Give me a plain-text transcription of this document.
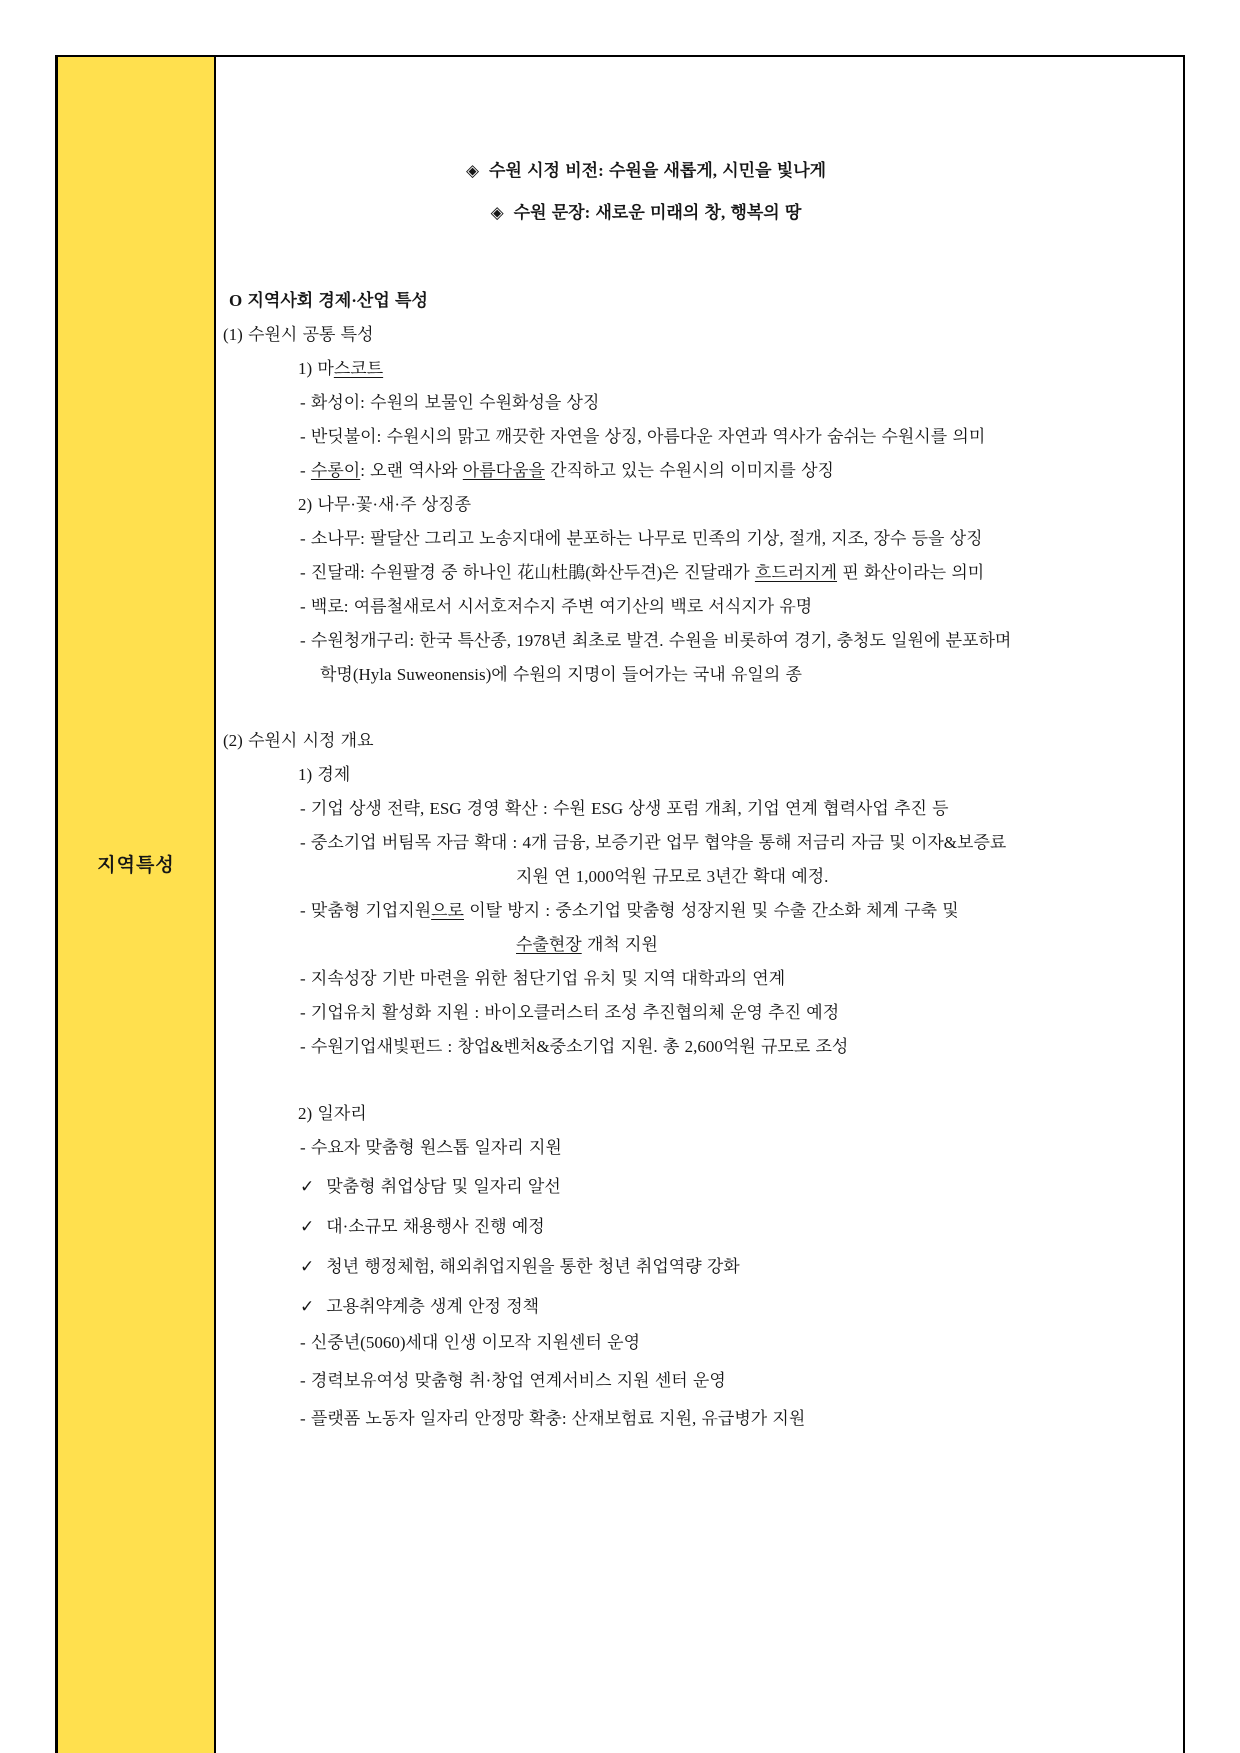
지역특성
◈ 수원 시정 비전: 수원을 새롭게, 시민을 빛나게
◈ 수원 문장: 새로운 미래의 창, 행복의 땅
O 지역사회 경제·산업 특성
(1) 수원시 공통 특성
1) 마스코트
- 화성이: 수원의 보물인 수원화성을 상징
- 반딧불이: 수원시의 맑고 깨끗한 자연을 상징, 아름다운 자연과 역사가 숨쉬는 수원시를 의미
- 수롱이: 오랜 역사와 아름다움을 간직하고 있는 수원시의 이미지를 상징
2) 나무·꽃·새·주 상징종
- 소나무: 팔달산 그리고 노송지대에 분포하는 나무로 민족의 기상, 절개, 지조, 장수 등을 상징
- 진달래: 수원팔경 중 하나인 花山杜鵑(화산두견)은 진달래가 흐드러지게 핀 화산이라는 의미
- 백로: 여름철새로서 시서호저수지 주변 여기산의 백로 서식지가 유명
- 수원청개구리: 한국 특산종, 1978년 최초로 발견. 수원을 비롯하여 경기, 충청도 일원에 분포하며
학명(Hyla Suweonensis)에 수원의 지명이 들어가는 국내 유일의 종
(2) 수원시 시정 개요
1) 경제
- 기업 상생 전략, ESG 경영 확산 : 수원 ESG 상생 포럼 개최, 기업 연계 협력사업 추진 등
- 중소기업 버팀목 자금 확대 : 4개 금융, 보증기관 업무 협약을 통해 저금리 자금 및 이자&보증료
지원 연 1,000억원 규모로 3년간 확대 예정.
- 맞춤형 기업지원으로 이탈 방지 : 중소기업 맞춤형 성장지원 및 수출 간소화 체계 구축 및
수출현장 개척 지원
- 지속성장 기반 마련을 위한 첨단기업 유치 및 지역 대학과의 연계
- 기업유치 활성화 지원 : 바이오클러스터 조성 추진협의체 운영 추진 예정
- 수원기업새빛펀드 : 창업&벤처&중소기업 지원. 총 2,600억원 규모로 조성
2) 일자리
- 수요자 맞춤형 원스톱 일자리 지원
✓ 맞춤형 취업상담 및 일자리 알선
✓ 대·소규모 채용행사 진행 예정
✓ 청년 행정체험, 해외취업지원을 통한 청년 취업역량 강화
✓ 고용취약계층 생계 안정 정책
- 신중년(5060)세대 인생 이모작 지원센터 운영
- 경력보유여성 맞춤형 취·창업 연계서비스 지원 센터 운영
- 플랫폼 노동자 일자리 안정망 확충: 산재보험료 지원, 유급병가 지원
